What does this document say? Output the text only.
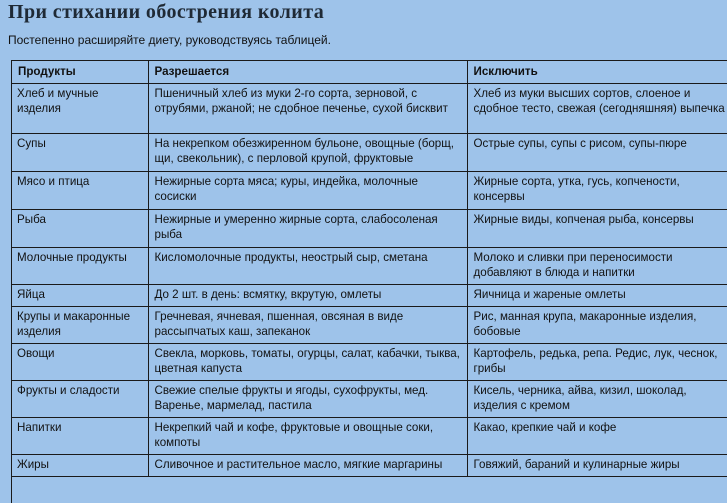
При стихании обострения колита
Постепенно расширяйте диету, руководствуясь таблицей.
Продукты	Разрешается	Исключить
Хлеб и мучные изделия	Пшеничный хлеб из муки 2-го сорта, зерновой, с отрубями, ржаной; не сдобное печенье, сухой бисквит	Хлеб из муки высших сортов, слоеное и сдобное тесто, свежая (сегодняшняя) выпечка
Супы	На некрепком обезжиренном бульоне, овощные (борщ, щи, свекольник), с перловой крупой, фруктовые	Острые супы, супы с рисом, супы-пюре
Мясо и птица	Нежирные сорта мяса; куры, индейка, молочные сосиски	Жирные сорта, утка, гусь, копчености, консервы
Рыба	Нежирные и умеренно жирные сорта, слабосоленая рыба	Жирные виды, копченая рыба, консервы
Молочные продукты	Кисломолочные продукты, неострый сыр, сметана	Молоко и сливки при переносимости добавляют в блюда и напитки
Яйца	До 2 шт. в день: всмятку, вкрутую, омлеты	Яичница и жареные омлеты
Крупы и макаронные изделия	Гречневая, ячневая, пшенная, овсяная в виде рассыпчатых каш, запеканок	Рис, манная крупа, макаронные изделия, бобовые
Овощи	Свекла, морковь, томаты, огурцы, салат, кабачки, тыква, цветная капуста	Картофель, редька, репа. Редис, лук, чеснок, грибы
Фрукты и сладости	Свежие спелые фрукты и ягоды, сухофрукты, мед. Варенье, мармелад, пастила	Кисель, черника, айва, кизил, шоколад, изделия с кремом
Напитки	Некрепкий чай и кофе, фруктовые и овощные соки, компоты	Какао, крепкие чай и кофе
Жиры	Сливочное и растительное масло, мягкие маргарины	Говяжий, бараний и кулинарные жиры
